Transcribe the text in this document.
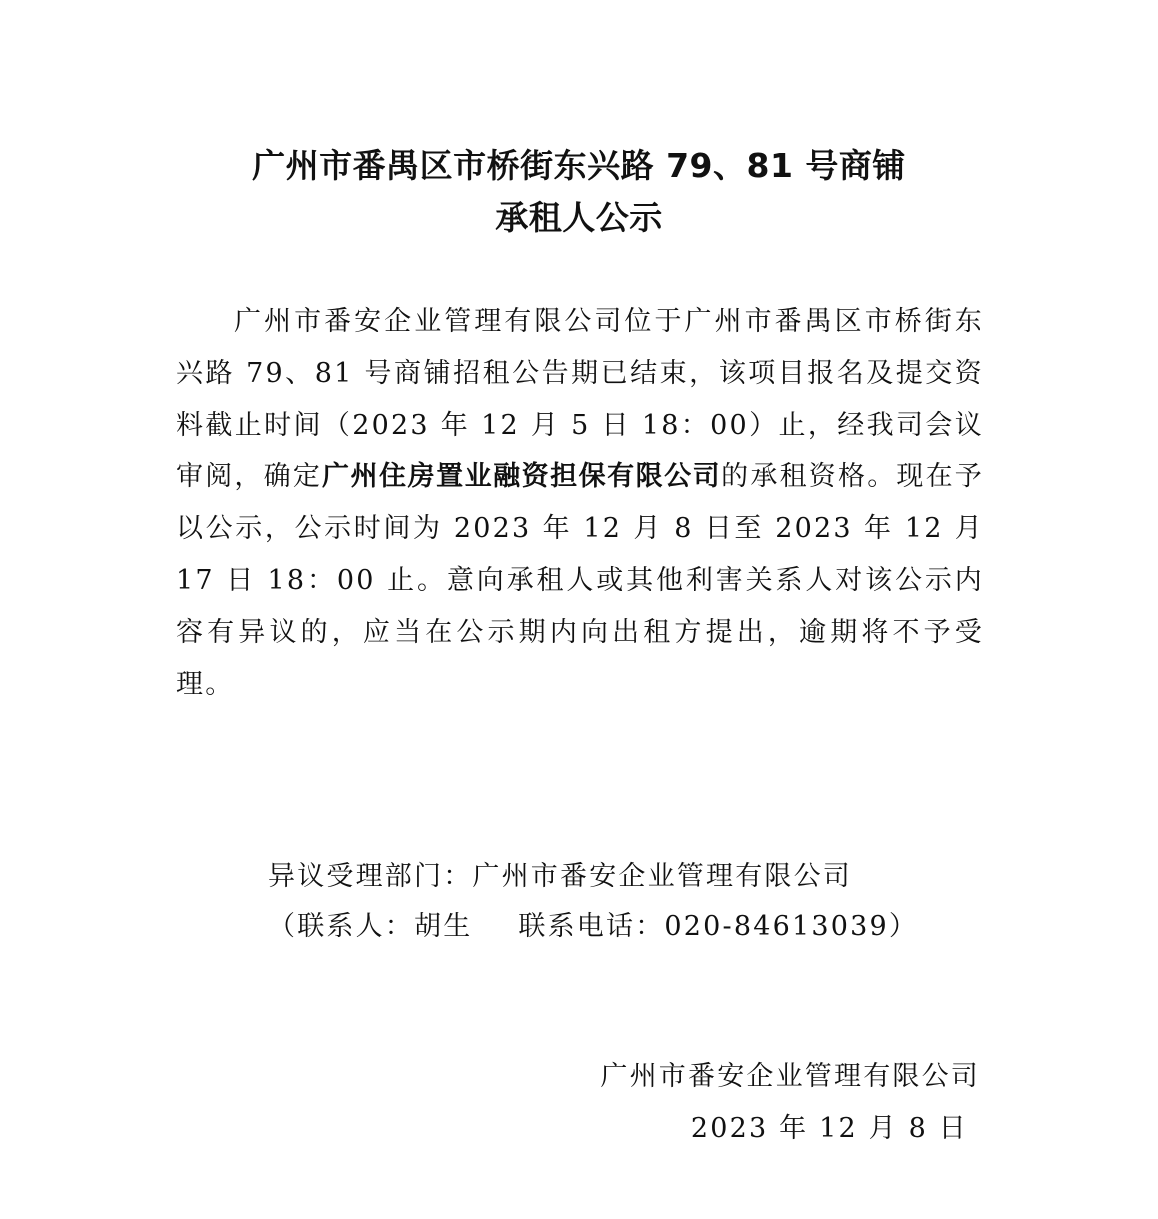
广州市番禺区市桥街东兴路 79、81 号商铺
承租人公示

广州市番安企业管理有限公司位于广州市番禺区市桥街东兴路 79、81 号商铺招租公告期已结束，该项目报名及提交资料截止时间（2023 年 12 月 5 日 18：00）止，经我司会议审阅，确定广州住房置业融资担保有限公司的承租资格。现在予以公示，公示时间为 2023 年 12 月 8 日至 2023 年 12 月 17 日 18：00 止。意向承租人或其他利害关系人对该公示内容有异议的，应当在公示期内向出租方提出，逾期将不予受理。

异议受理部门：广州市番安企业管理有限公司
（联系人：胡生 联系电话：020-84613039）
广州市番安企业管理有限公司
2023 年 12 月 8 日
